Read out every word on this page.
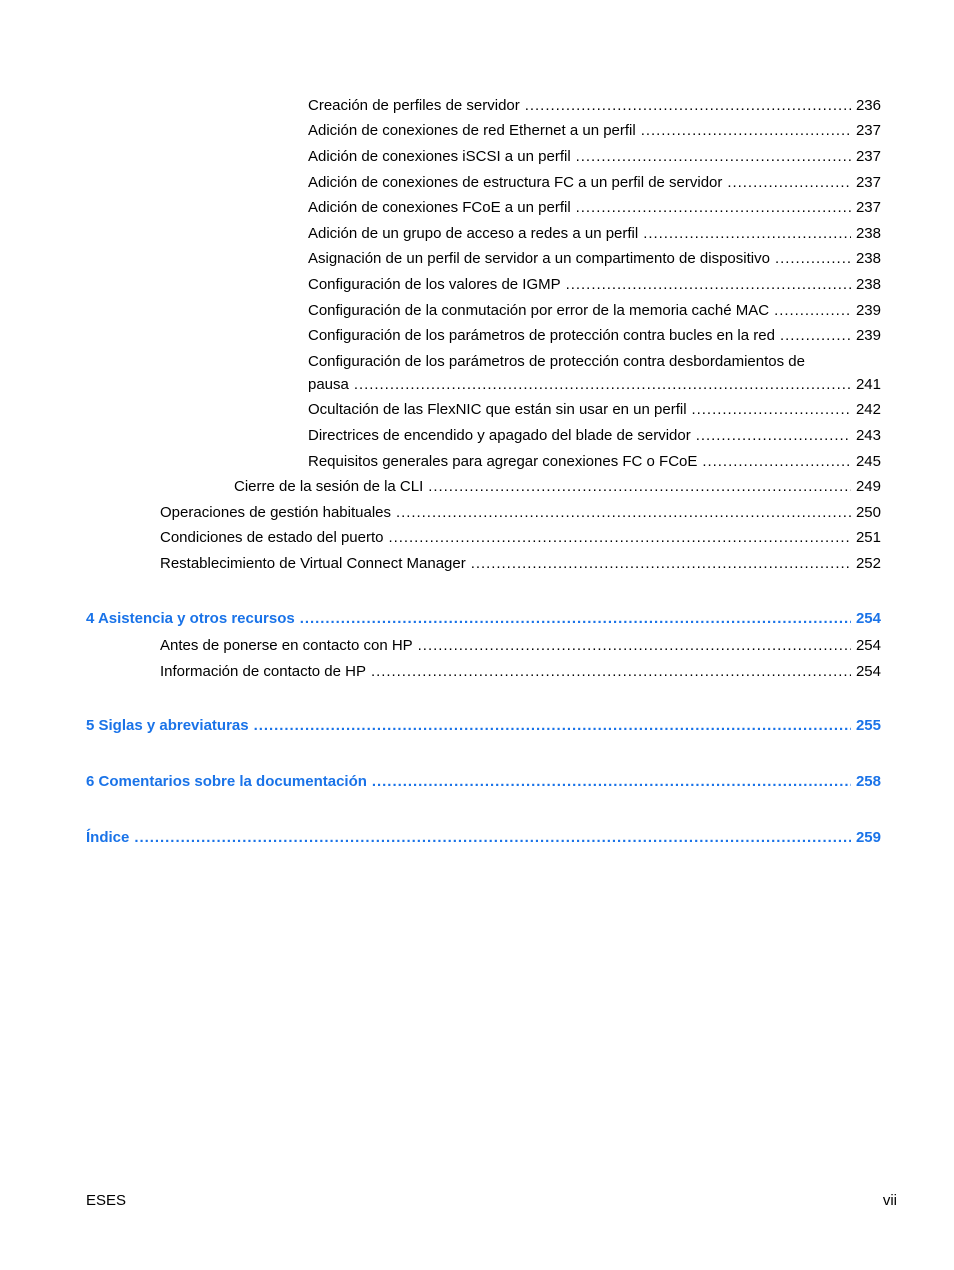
Creación de perfiles de servidor . . .	236
Adición de conexiones de red Ethernet a un perfil . . .	237
Adición de conexiones iSCSI a un perfil . . .	237
Adición de conexiones de estructura FC a un perfil de servidor . . .	237
Adición de conexiones FCoE a un perfil . . .	237
Adición de un grupo de acceso a redes a un perfil . . .	238
Asignación de un perfil de servidor a un compartimento de dispositivo . . .	238
Configuración de los valores de IGMP . . .	238
Configuración de la conmutación por error de la memoria caché MAC . . .	239
Configuración de los parámetros de protección contra bucles en la red . . .	239
Configuración de los parámetros de protección contra desbordamientos de
pausa . . .	241
Ocultación de las FlexNIC que están sin usar en un perfil . . .	242
Directrices de encendido y apagado del blade de servidor . . .	243
Requisitos generales para agregar conexiones FC o FCoE . . .	245
Cierre de la sesión de la CLI . . .	249
Operaciones de gestión habituales . . .	250
Condiciones de estado del puerto . . .	251
Restablecimiento de Virtual Connect Manager . . .	252
4 Asistencia y otros recursos . . .	254
Antes de ponerse en contacto con HP . . .	254
Información de contacto de HP . . .	254
5 Siglas y abreviaturas . . .	255
6 Comentarios sobre la documentación . . .	258
Índice . . .	259
ESES	vii
